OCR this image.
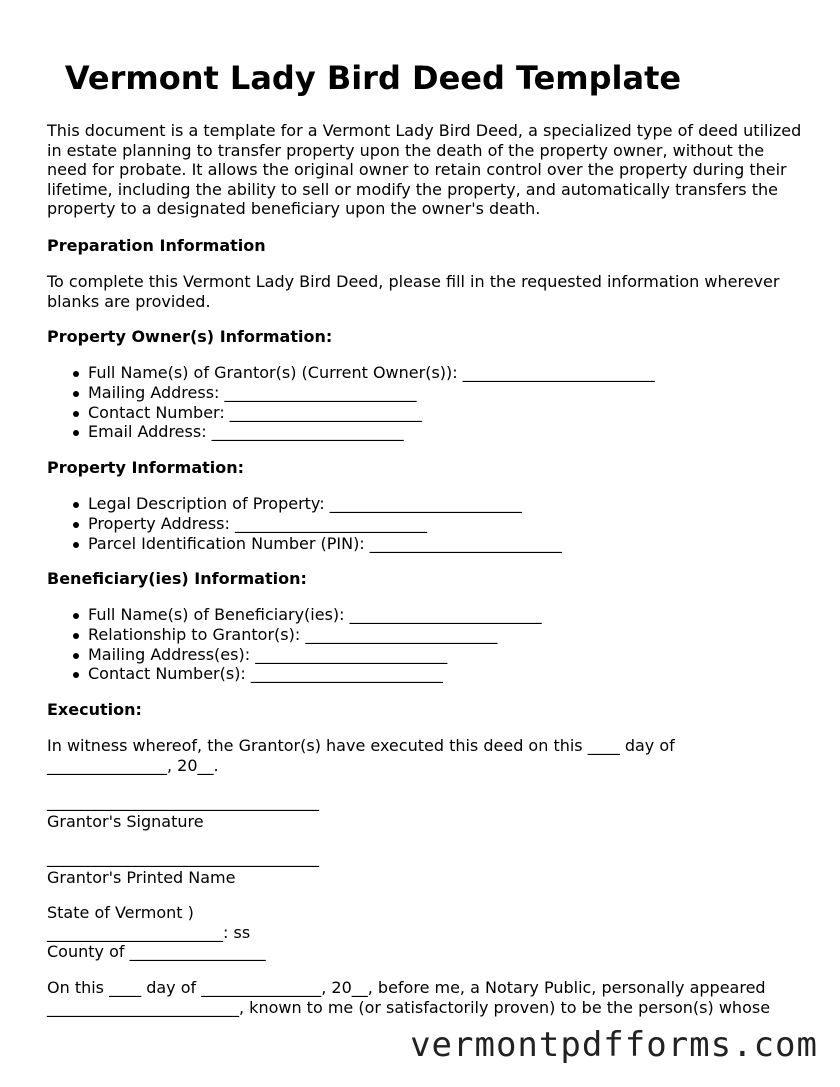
Vermont Lady Bird Deed Template

This document is a template for a Vermont Lady Bird Deed, a specialized type of deed utilized in estate planning to transfer property upon the death of the property owner, without the need for probate. It allows the original owner to retain control over the property during their lifetime, including the ability to sell or modify the property, and automatically transfers the property to a designated beneficiary upon the owner's death.

Preparation Information

To complete this Vermont Lady Bird Deed, please fill in the requested information wherever blanks are provided.

Property Owner(s) Information:

Full Name(s) of Grantor(s) (Current Owner(s)): ________________________
Mailing Address: ________________________
Contact Number: ________________________
Email Address: ________________________

Property Information:

Legal Description of Property: ________________________
Property Address: ________________________
Parcel Identification Number (PIN): ________________________

Beneficiary(ies) Information:

Full Name(s) of Beneficiary(ies): ________________________
Relationship to Grantor(s): ________________________
Mailing Address(es): ________________________
Contact Number(s): ________________________

Execution:

In witness whereof, the Grantor(s) have executed this deed on this ____ day of

_______________, 20__.

__________________________________

Grantor's Signature

__________________________________

Grantor's Printed Name

State of Vermont )

______________________: ss

County of _________________

On this ____ day of _______________, 20__, before me, a Notary Public, personally appeared

________________________, known to me (or satisfactorily proven) to be the person(s) whose

vermontpdfforms.com
